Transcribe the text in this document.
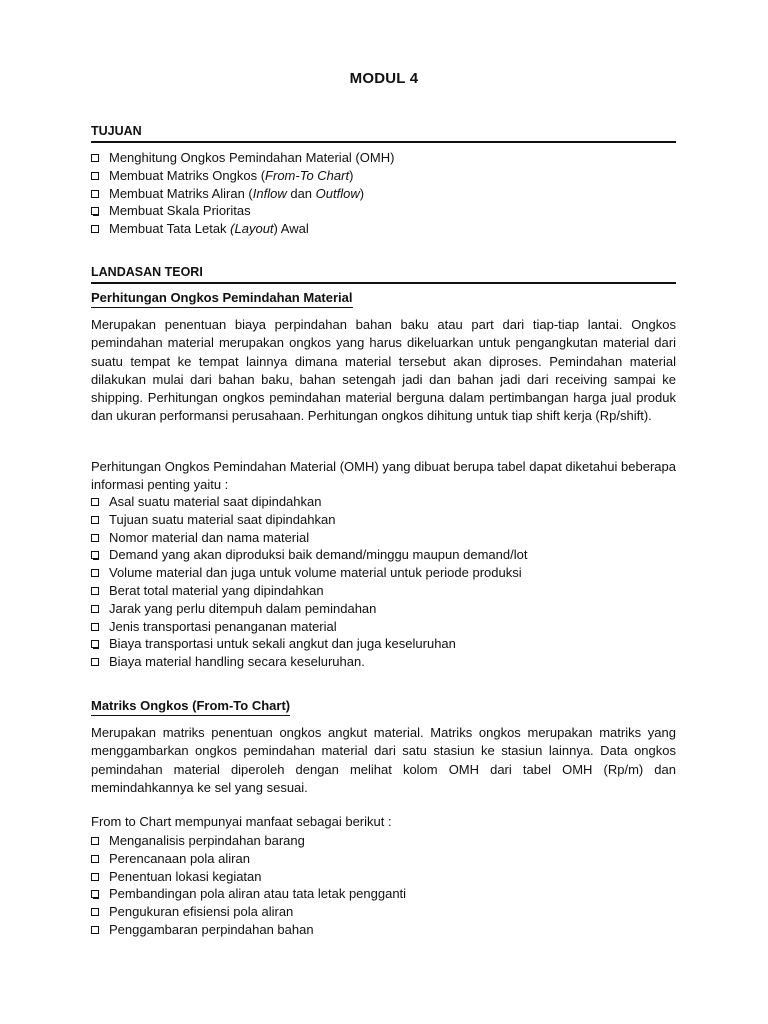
MODUL 4
TUJUAN
Menghitung Ongkos Pemindahan Material (OMH)
Membuat Matriks Ongkos (From-To Chart)
Membuat Matriks Aliran (Inflow dan Outflow)
Membuat Skala Prioritas
Membuat Tata Letak (Layout) Awal
LANDASAN TEORI
Perhitungan Ongkos Pemindahan Material
Merupakan penentuan biaya perpindahan bahan baku atau part dari tiap-tiap lantai. Ongkos pemindahan material merupakan ongkos yang harus dikeluarkan untuk pengangkutan material dari suatu tempat ke tempat lainnya dimana material tersebut akan diproses. Pemindahan material dilakukan mulai dari bahan baku, bahan setengah jadi dan bahan jadi dari receiving sampai ke shipping. Perhitungan ongkos pemindahan material berguna dalam pertimbangan harga jual produk dan ukuran performansi perusahaan. Perhitungan ongkos dihitung untuk tiap shift kerja (Rp/shift).
Perhitungan Ongkos Pemindahan Material (OMH) yang dibuat berupa tabel dapat diketahui beberapa informasi penting yaitu :
Asal suatu material saat dipindahkan
Tujuan suatu material saat dipindahkan
Nomor material dan nama material
Demand yang akan diproduksi baik demand/minggu maupun demand/lot
Volume material dan juga untuk volume material untuk periode produksi
Berat total material yang dipindahkan
Jarak yang perlu ditempuh dalam pemindahan
Jenis transportasi penanganan material
Biaya transportasi untuk sekali angkut dan juga keseluruhan
Biaya material handling secara keseluruhan.
Matriks Ongkos (From-To Chart)
Merupakan matriks penentuan ongkos angkut material. Matriks ongkos merupakan matriks yang menggambarkan ongkos pemindahan material dari satu stasiun ke stasiun lainnya. Data ongkos pemindahan material diperoleh dengan melihat kolom OMH dari tabel OMH (Rp/m) dan memindahkannya ke sel yang sesuai.
From to Chart mempunyai manfaat sebagai berikut :
Menganalisis perpindahan barang
Perencanaan pola aliran
Penentuan lokasi kegiatan
Pembandingan pola aliran atau tata letak pengganti
Pengukuran efisiensi pola aliran
Penggambaran perpindahan bahan
